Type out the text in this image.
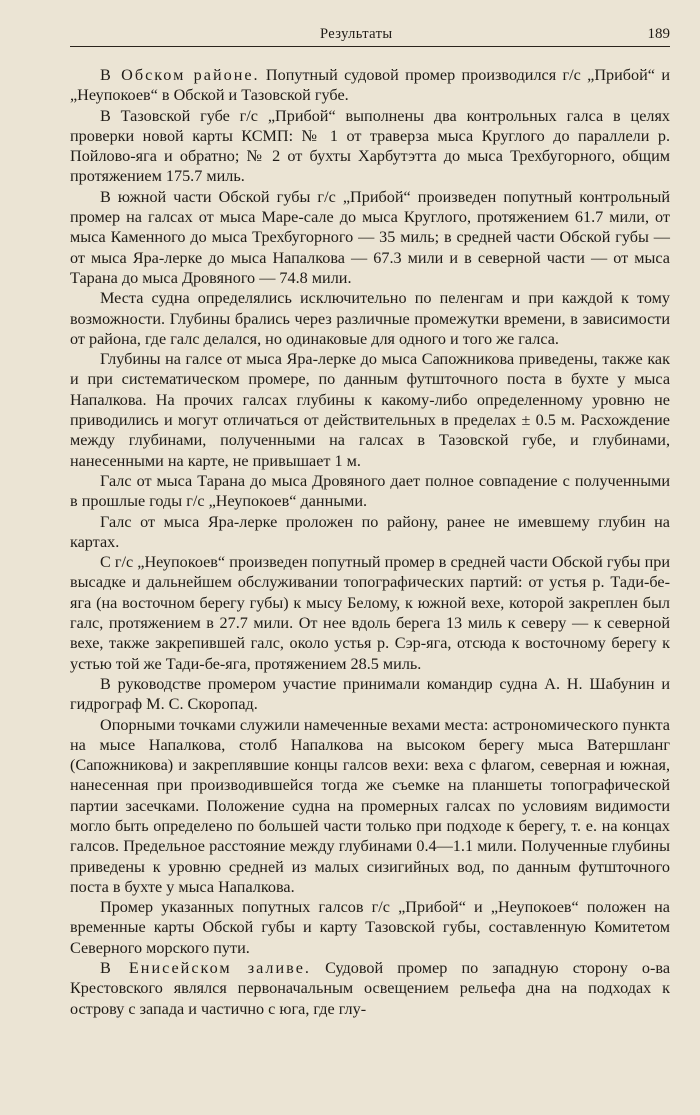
Результаты	189

В Обском районе. Попутный судовой промер производился г/с „Прибой“ и „Неупокоев“ в Обской и Тазовской губе.

В Тазовской губе г/с „Прибой“ выполнены два контрольных галса в целях проверки новой карты КСМП: № 1 от траверза мыса Круглого до параллели р. Пойлово-яга и обратно; № 2 от бухты Харбутэтта до мыса Трехбугорного, общим протяжением 175.7 миль.

В южной части Обской губы г/с „Прибой“ произведен попутный контрольный промер на галсах от мыса Маре-сале до мыса Круглого, протяжением 61.7 мили, от мыса Каменного до мыса Трехбугорного — 35 миль; в средней части Обской губы — от мыса Яра-лерке до мыса Напалкова — 67.3 мили и в северной части — от мыса Тарана до мыса Дровяного — 74.8 мили.

Места судна определялись исключительно по пеленгам и при каждой к тому возможности. Глубины брались через различные промежутки времени, в зависимости от района, где галс делался, но одинаковые для одного и того же галса.

Глубины на галсе от мыса Яра-лерке до мыса Сапожникова приведены, также как и при систематическом промере, по данным футшточного поста в бухте у мыса Напалкова. На прочих галсах глубины к какому-либо определенному уровню не приводились и могут отличаться от действительных в пределах ± 0.5 м. Расхождение между глубинами, полученными на галсах в Тазовской губе, и глубинами, нанесенными на карте, не привышает 1 м.

Галс от мыса Тарана до мыса Дровяного дает полное совпадение с полученными в прошлые годы г/с „Неупокоев“ данными.

Галс от мыса Яра-лерке проложен по району, ранее не имевшему глубин на картах.

С г/с „Неупокоев“ произведен попутный промер в средней части Обской губы при высадке и дальнейшем обслуживании топографических партий: от устья р. Тади-бе-яга (на восточном берегу губы) к мысу Белому, к южной вехе, которой закреплен был галс, протяжением в 27.7 мили. От нее вдоль берега 13 миль к северу — к северной вехе, также закрепившей галс, около устья р. Сэр-яга, отсюда к восточному берегу к устью той же Тади-бе-яга, протяжением 28.5 миль.

В руководстве промером участие принимали командир судна А. Н. Шабунин и гидрограф М. С. Скоропад.

Опорными точками служили намеченные вехами места: астрономического пункта на мысе Напалкова, столб Напалкова на высоком берегу мыса Ватершланг (Сапожникова) и закреплявшие концы галсов вехи: веха с флагом, северная и южная, нанесенная при производившейся тогда же съемке на планшеты топографической партии засечками. Положение судна на промерных галсах по условиям видимости могло быть определено по большей части только при подходе к берегу, т. е. на концах галсов. Предельное расстояние между глубинами 0.4—1.1 мили. Полученные глубины приведены к уровню средней из малых сизигийных вод, по данным футшточного поста в бухте у мыса Напалкова.

Промер указанных попутных галсов г/с „Прибой“ и „Неупокоев“ положен на временные карты Обской губы и карту Тазовской губы, составленную Комитетом Северного морского пути.

В Енисейском заливе. Судовой промер по западную сторону о-ва Крестовского являлся первоначальным освещением рельефа дна на подходах к острову с запада и частично с юга, где глу-
